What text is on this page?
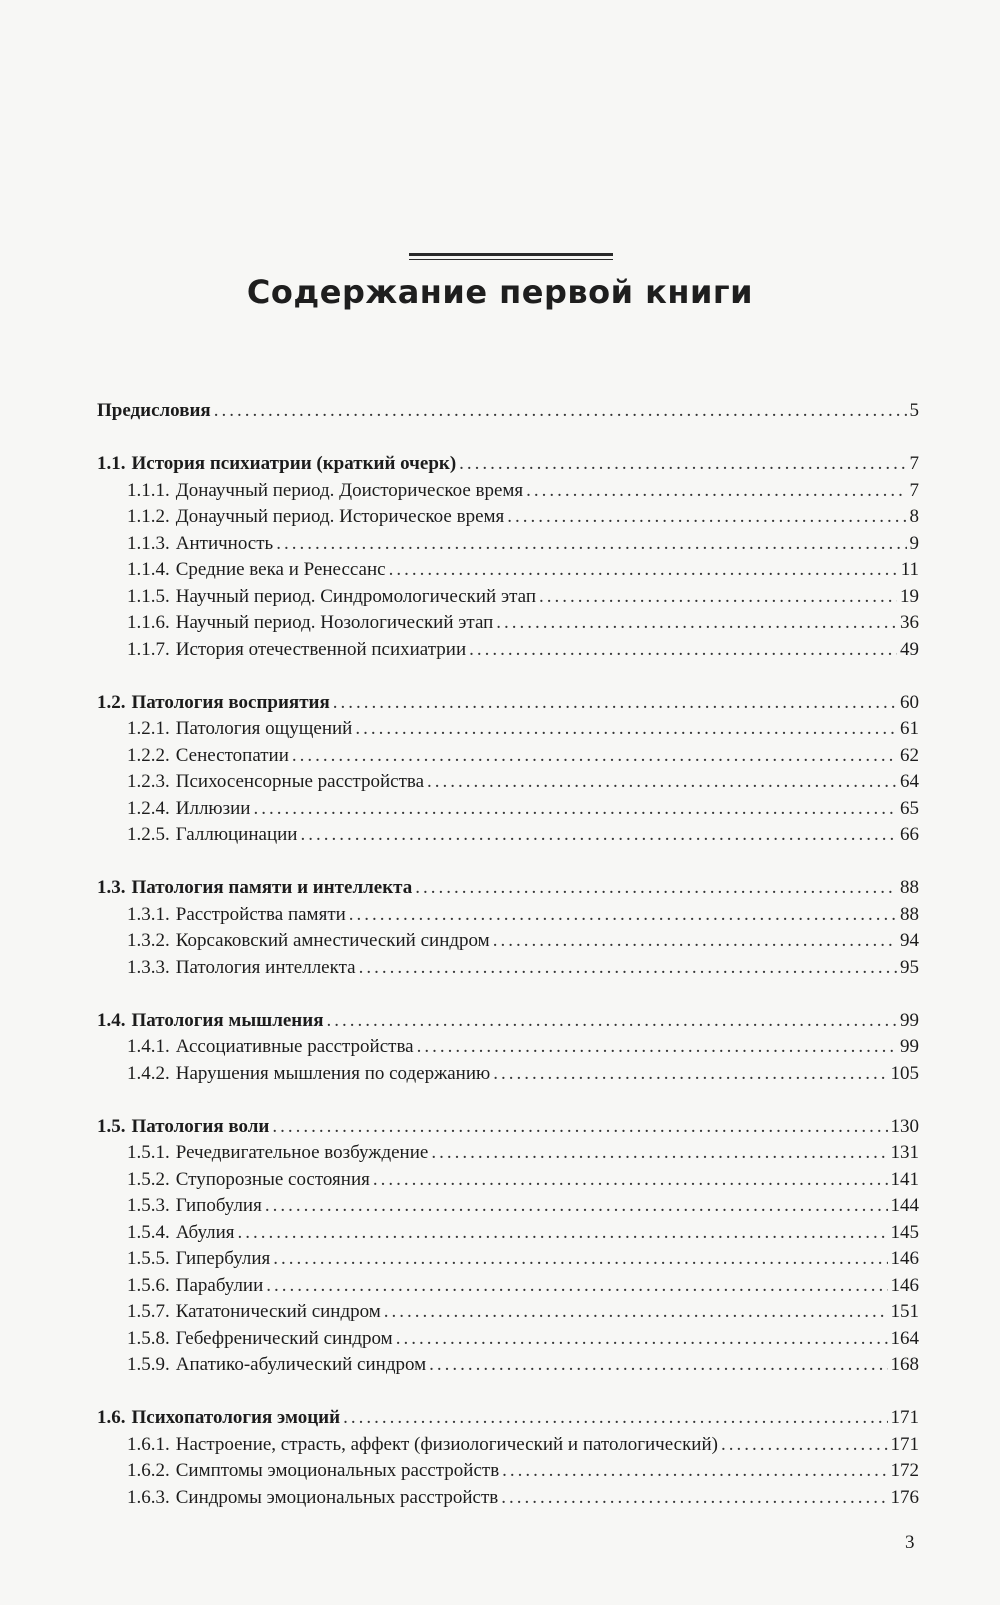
Содержание первой книги
Предисловия .....	5
1.1. История психиатрии (краткий очерк) .....	7
1.1.1. Донаучный период. Доисторическое время .....	7
1.1.2. Донаучный период. Историческое время .....	8
1.1.3. Античность .....	9
1.1.4. Средние века и Ренессанс .....	11
1.1.5. Научный период. Синдромологический этап .....	19
1.1.6. Научный период. Нозологический этап .....	36
1.1.7. История отечественной психиатрии .....	49
1.2. Патология восприятия .....	60
1.2.1. Патология ощущений .....	61
1.2.2. Сенестопатии .....	62
1.2.3. Психосенсорные расстройства .....	64
1.2.4. Иллюзии .....	65
1.2.5. Галлюцинации .....	66
1.3. Патология памяти и интеллекта .....	88
1.3.1. Расстройства памяти .....	88
1.3.2. Корсаковский амнестический синдром .....	94
1.3.3. Патология интеллекта .....	95
1.4. Патология мышления .....	99
1.4.1. Ассоциативные расстройства .....	99
1.4.2. Нарушения мышления по содержанию .....	105
1.5. Патология воли .....	130
1.5.1. Речедвигательное возбуждение .....	131
1.5.2. Ступорозные состояния .....	141
1.5.3. Гипобулия .....	144
1.5.4. Абулия .....	145
1.5.5. Гипербулия .....	146
1.5.6. Парабулии .....	146
1.5.7. Кататонический синдром .....	151
1.5.8. Гебефренический синдром .....	164
1.5.9. Апатико-абулический синдром .....	168
1.6. Психопатология эмоций .....	171
1.6.1. Настроение, страсть, аффект (физиологический и патологический) .....	171
1.6.2. Симптомы эмоциональных расстройств .....	172
1.6.3. Синдромы эмоциональных расстройств .....	176
3
